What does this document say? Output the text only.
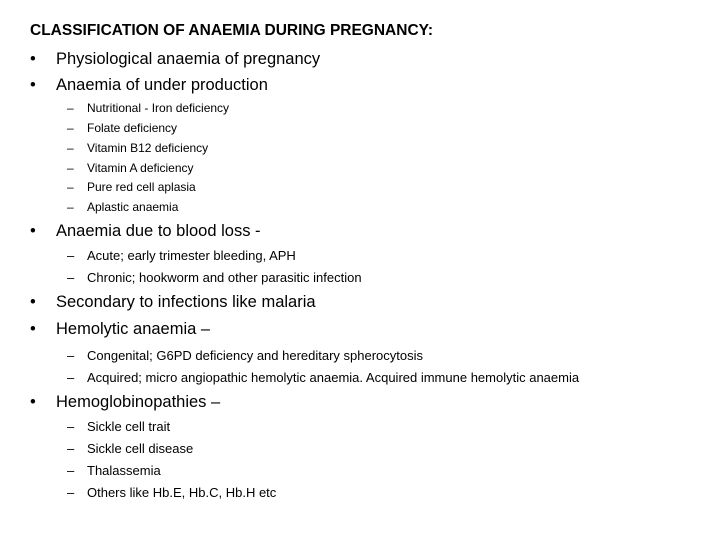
CLASSIFICATION OF ANAEMIA DURING PREGNANCY:
• Physiological anaemia of pregnancy
• Anaemia of under production
– Nutritional - Iron deficiency
– Folate deficiency
– Vitamin B12 deficiency
– Vitamin A deficiency
– Pure red cell aplasia
– Aplastic anaemia
• Anaemia due to blood loss -
– Acute; early trimester bleeding, APH
– Chronic; hookworm and other parasitic infection
• Secondary to infections like malaria
• Hemolytic anaemia –
– Congenital; G6PD deficiency and hereditary spherocytosis
– Acquired; micro angiopathic hemolytic anaemia. Acquired immune hemolytic anaemia
• Hemoglobinopathies –
– Sickle cell trait
– Sickle cell disease
– Thalassemia
– Others like Hb.E, Hb.C, Hb.H etc
